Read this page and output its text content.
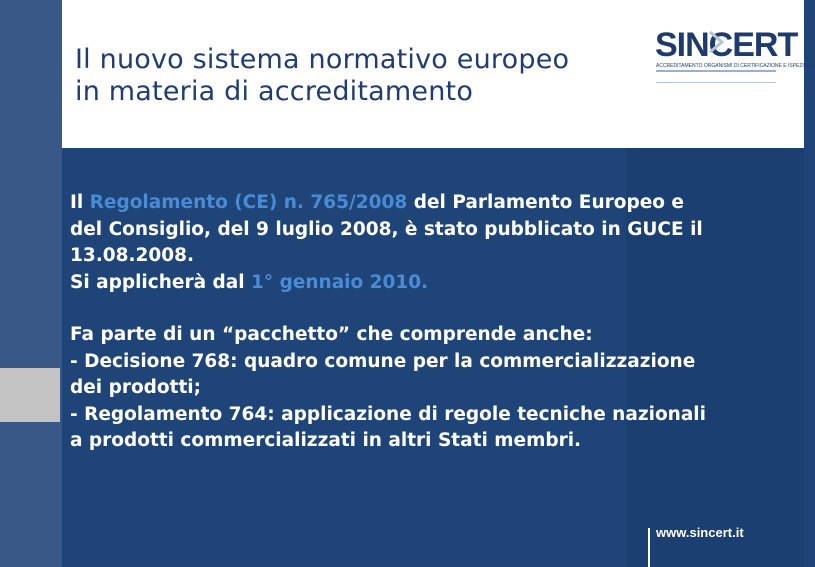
Il nuovo sistema normativo europeo
in materia di accreditamento
SINCERT
ACCREDITAMENTO ORGANISMI DI CERTIFICAZIONE E ISPEZIONE
Il Regolamento (CE) n. 765/2008 del Parlamento Europeo e del Consiglio, del 9 luglio 2008, è stato pubblicato in GUCE il 13.08.2008.
Si applicherà dal 1° gennaio 2010.
Fa parte di un “pacchetto” che comprende anche:
- Decisione 768: quadro comune per la commercializzazione dei prodotti;
- Regolamento 764: applicazione di regole tecniche nazionali a prodotti commercializzati in altri Stati membri.
www.sincert.it
